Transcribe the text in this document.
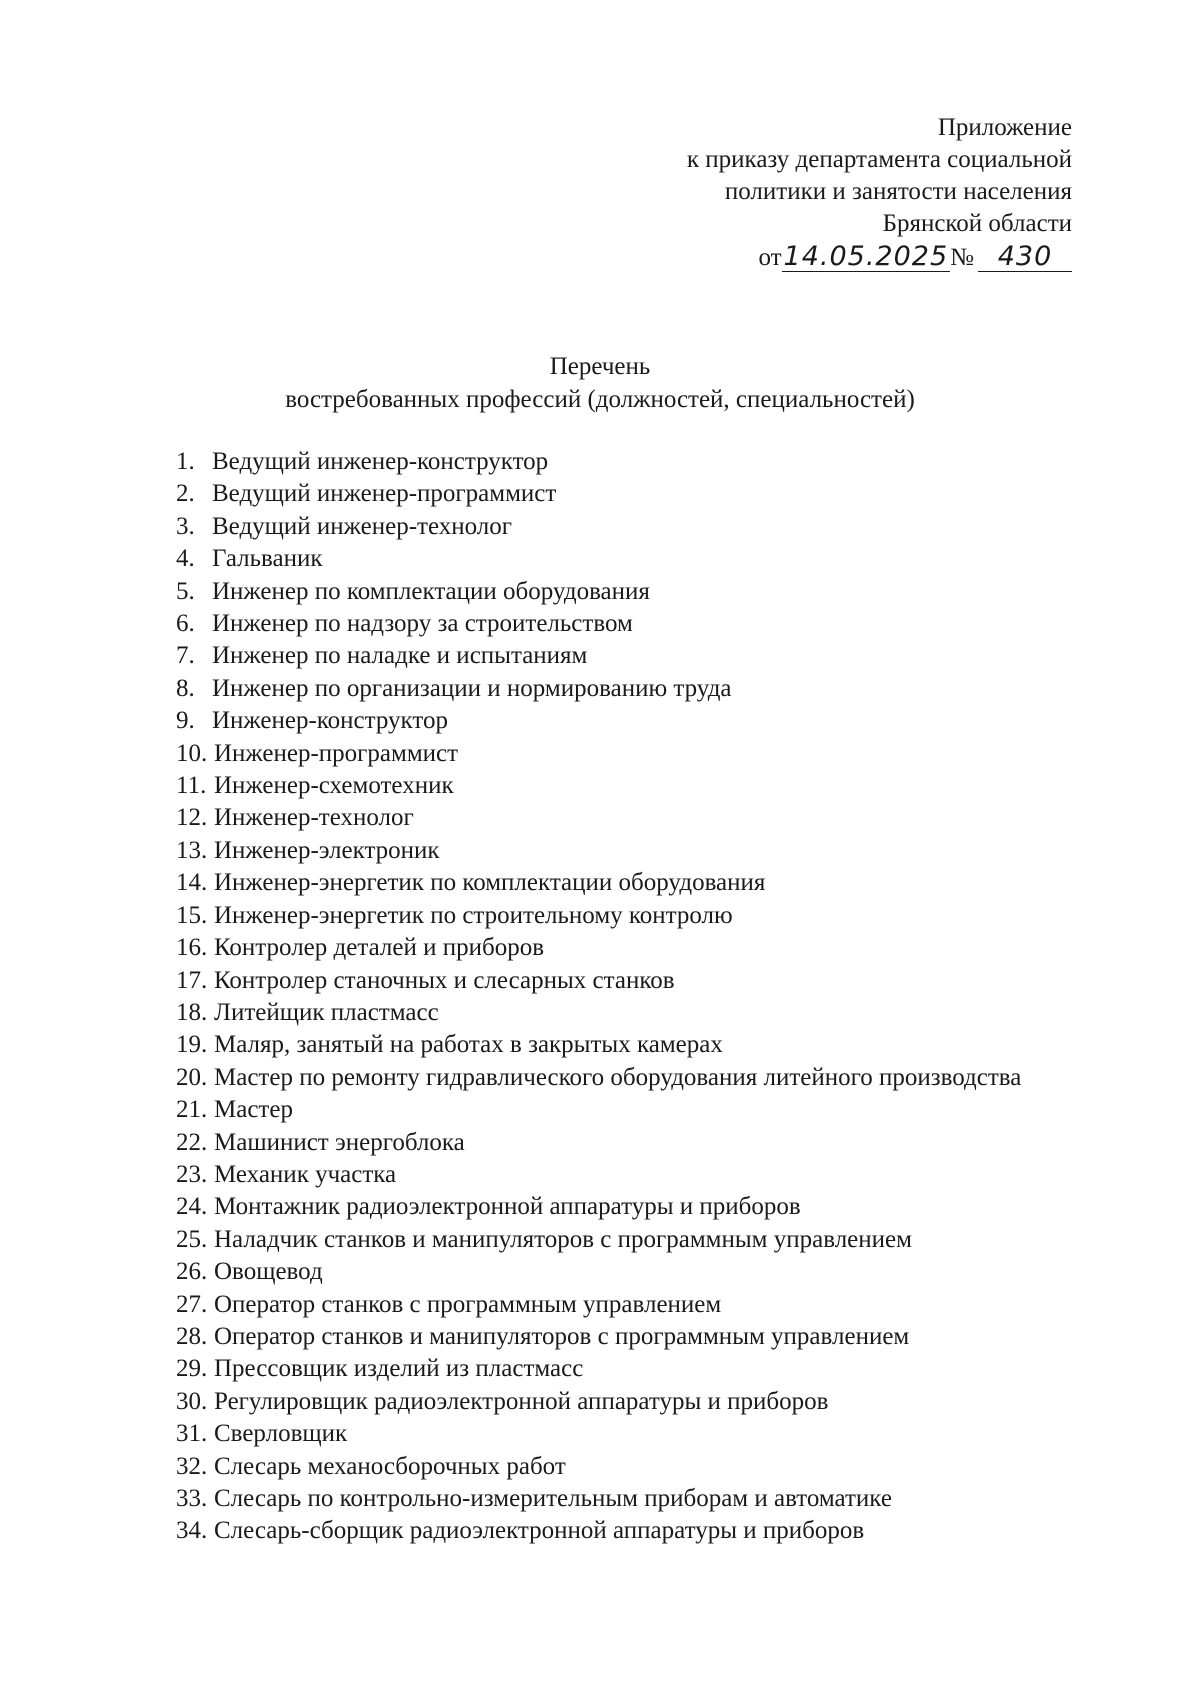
Приложение
к приказу департамента социальной
политики и занятости населения
Брянской области
от14.05.2025№ 430
Перечень
востребованных профессий (должностей, специальностей)
1. Ведущий инженер-конструктор
2. Ведущий инженер-программист
3. Ведущий инженер-технолог
4. Гальваник
5. Инженер по комплектации оборудования
6. Инженер по надзору за строительством
7. Инженер по наладке и испытаниям
8. Инженер по организации и нормированию труда
9. Инженер-конструктор
10. Инженер-программист
11. Инженер-схемотехник
12. Инженер-технолог
13. Инженер-электроник
14. Инженер-энергетик по комплектации оборудования
15. Инженер-энергетик по строительному контролю
16. Контролер деталей и приборов
17. Контролер станочных и слесарных станков
18. Литейщик пластмасс
19. Маляр, занятый на работах в закрытых камерах
20. Мастер по ремонту гидравлического оборудования литейного производства
21. Мастер
22. Машинист энергоблока
23. Механик участка
24. Монтажник радиоэлектронной аппаратуры и приборов
25. Наладчик станков и манипуляторов с программным управлением
26. Овощевод
27. Оператор станков с программным управлением
28. Оператор станков и манипуляторов с программным управлением
29. Прессовщик изделий из пластмасс
30. Регулировщик радиоэлектронной аппаратуры и приборов
31. Сверловщик
32. Слесарь механосборочных работ
33. Слесарь по контрольно-измерительным приборам и автоматике
34. Слесарь-сборщик радиоэлектронной аппаратуры и приборов
